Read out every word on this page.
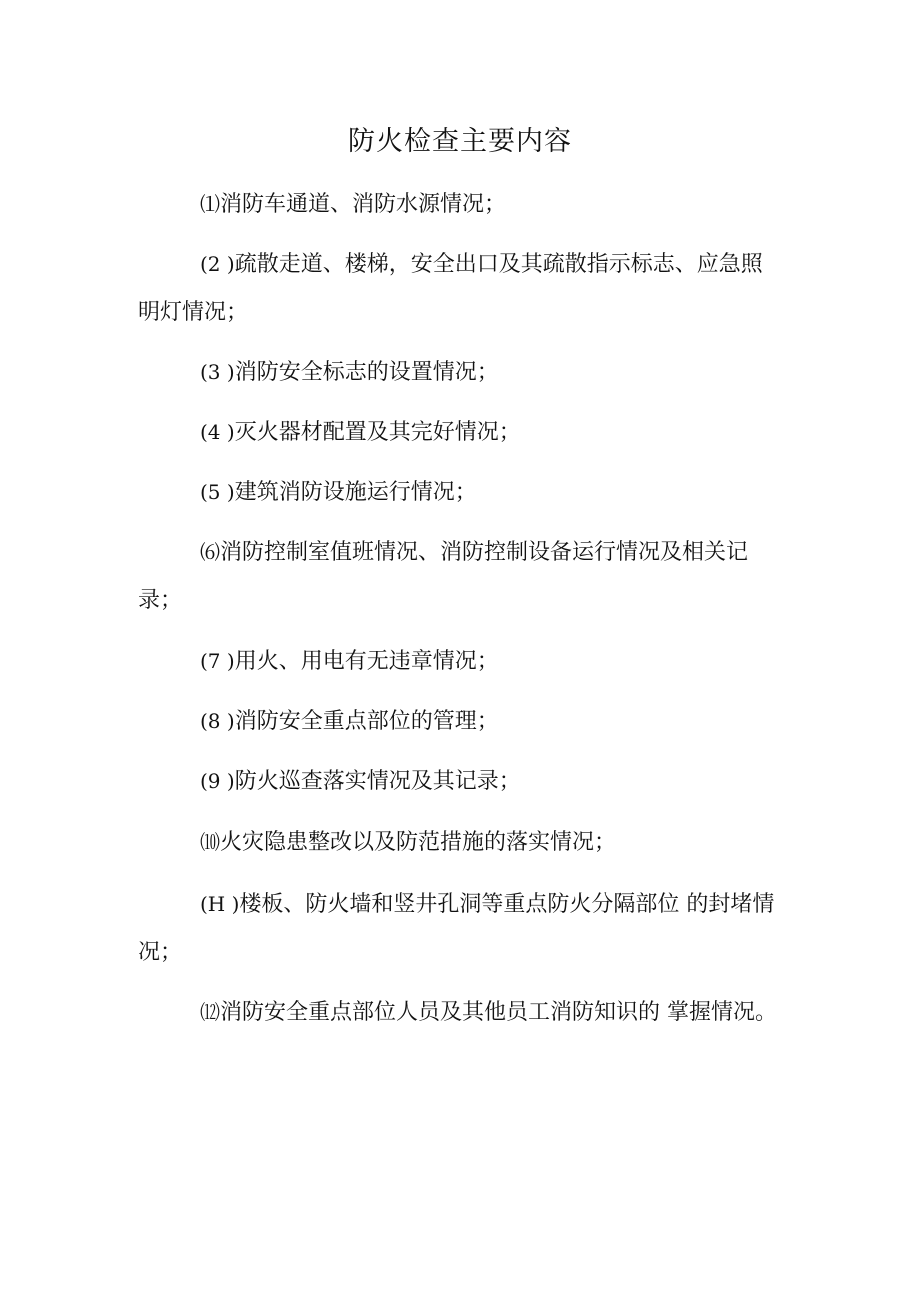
防火检查主要内容

⑴消防车通道、消防水源情况；

(2 )疏散走道、楼梯，安全出口及其疏散指示标志、应急照明灯情况；

(3 )消防安全标志的设置情况；

(4 )灭火器材配置及其完好情况；

(5 )建筑消防设施运行情况；

⑹消防控制室值班情况、消防控制设备运行情况及相关记录；

(7 )用火、用电有无违章情况；

(8 )消防安全重点部位的管理；

(9 )防火巡查落实情况及其记录；

⑽火灾隐患整改以及防范措施的落实情况；

(H )楼板、防火墙和竖井孔洞等重点防火分隔部位 的封堵情况；

⑿消防安全重点部位人员及其他员工消防知识的 掌握情况。
